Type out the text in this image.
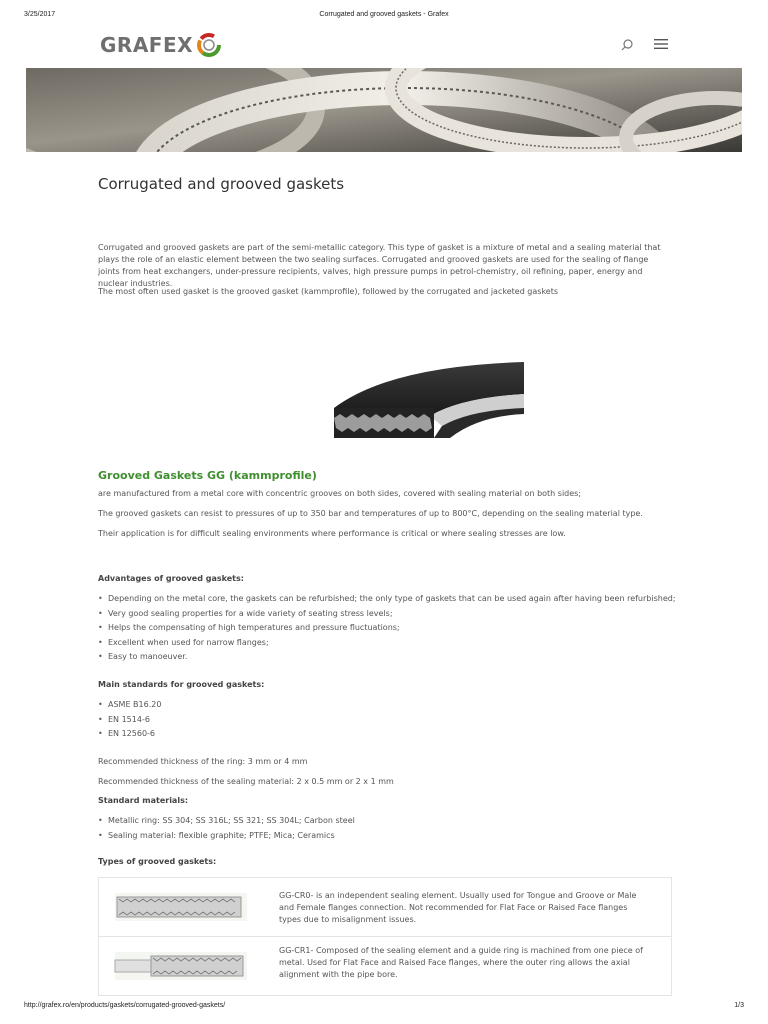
3/25/2017	Corrugated and grooved gaskets - Grafex
GRAFEX
Corrugated and grooved gaskets

Corrugated and grooved gaskets are part of the semi-metallic category. This type of gasket is a mixture of metal and a sealing material that plays the role of an elastic element between the two sealing surfaces. Corrugated and grooved gaskets are used for the sealing of flange joints from heat exchangers, under-pressure recipients, valves, high pressure pumps in petrol-chemistry, oil refining, paper, energy and nuclear industries.

The most often used gasket is the grooved gasket (kammprofile), followed by the corrugated and jacketed gaskets

Grooved Gaskets GG (kammprofile)

are manufactured from a metal core with concentric grooves on both sides, covered with sealing material on both sides;

The grooved gaskets can resist to pressures of up to 350 bar and temperatures of up to 800°C, depending on the sealing material type.

Their application is for difficult sealing environments where performance is critical or where sealing stresses are low.

Advantages of grooved gaskets:
• Depending on the metal core, the gaskets can be refurbished; the only type of gaskets that can be used again after having been refurbished;
• Very good sealing properties for a wide variety of seating stress levels;
• Helps the compensating of high temperatures and pressure fluctuations;
• Excellent when used for narrow flanges;
• Easy to manoeuver.
Main standards for grooved gaskets:
• ASME B16.20
• EN 1514-6
• EN 12560-6

Recommended thickness of the ring: 3 mm or 4 mm

Recommended thickness of the sealing material: 2 x 0.5 mm or 2 x 1 mm

Standard materials:
• Metallic ring: SS 304; SS 316L; SS 321; SS 304L; Carbon steel
• Sealing material: flexible graphite; PTFE; Mica; Ceramics
Types of grooved gaskets:
GG-CR0- is an independent sealing element. Usually used for Tongue and Groove or Male and Female flanges connection. Not recommended for Flat Face or Raised Face flanges types due to misalignment issues.
GG-CR1- Composed of the sealing element and a guide ring is machined from one piece of metal. Used for Flat Face and Raised Face flanges, where the outer ring allows the axial alignment with the pipe bore.
http://grafex.ro/en/products/gaskets/corrugated-grooved-gaskets/	1/3
